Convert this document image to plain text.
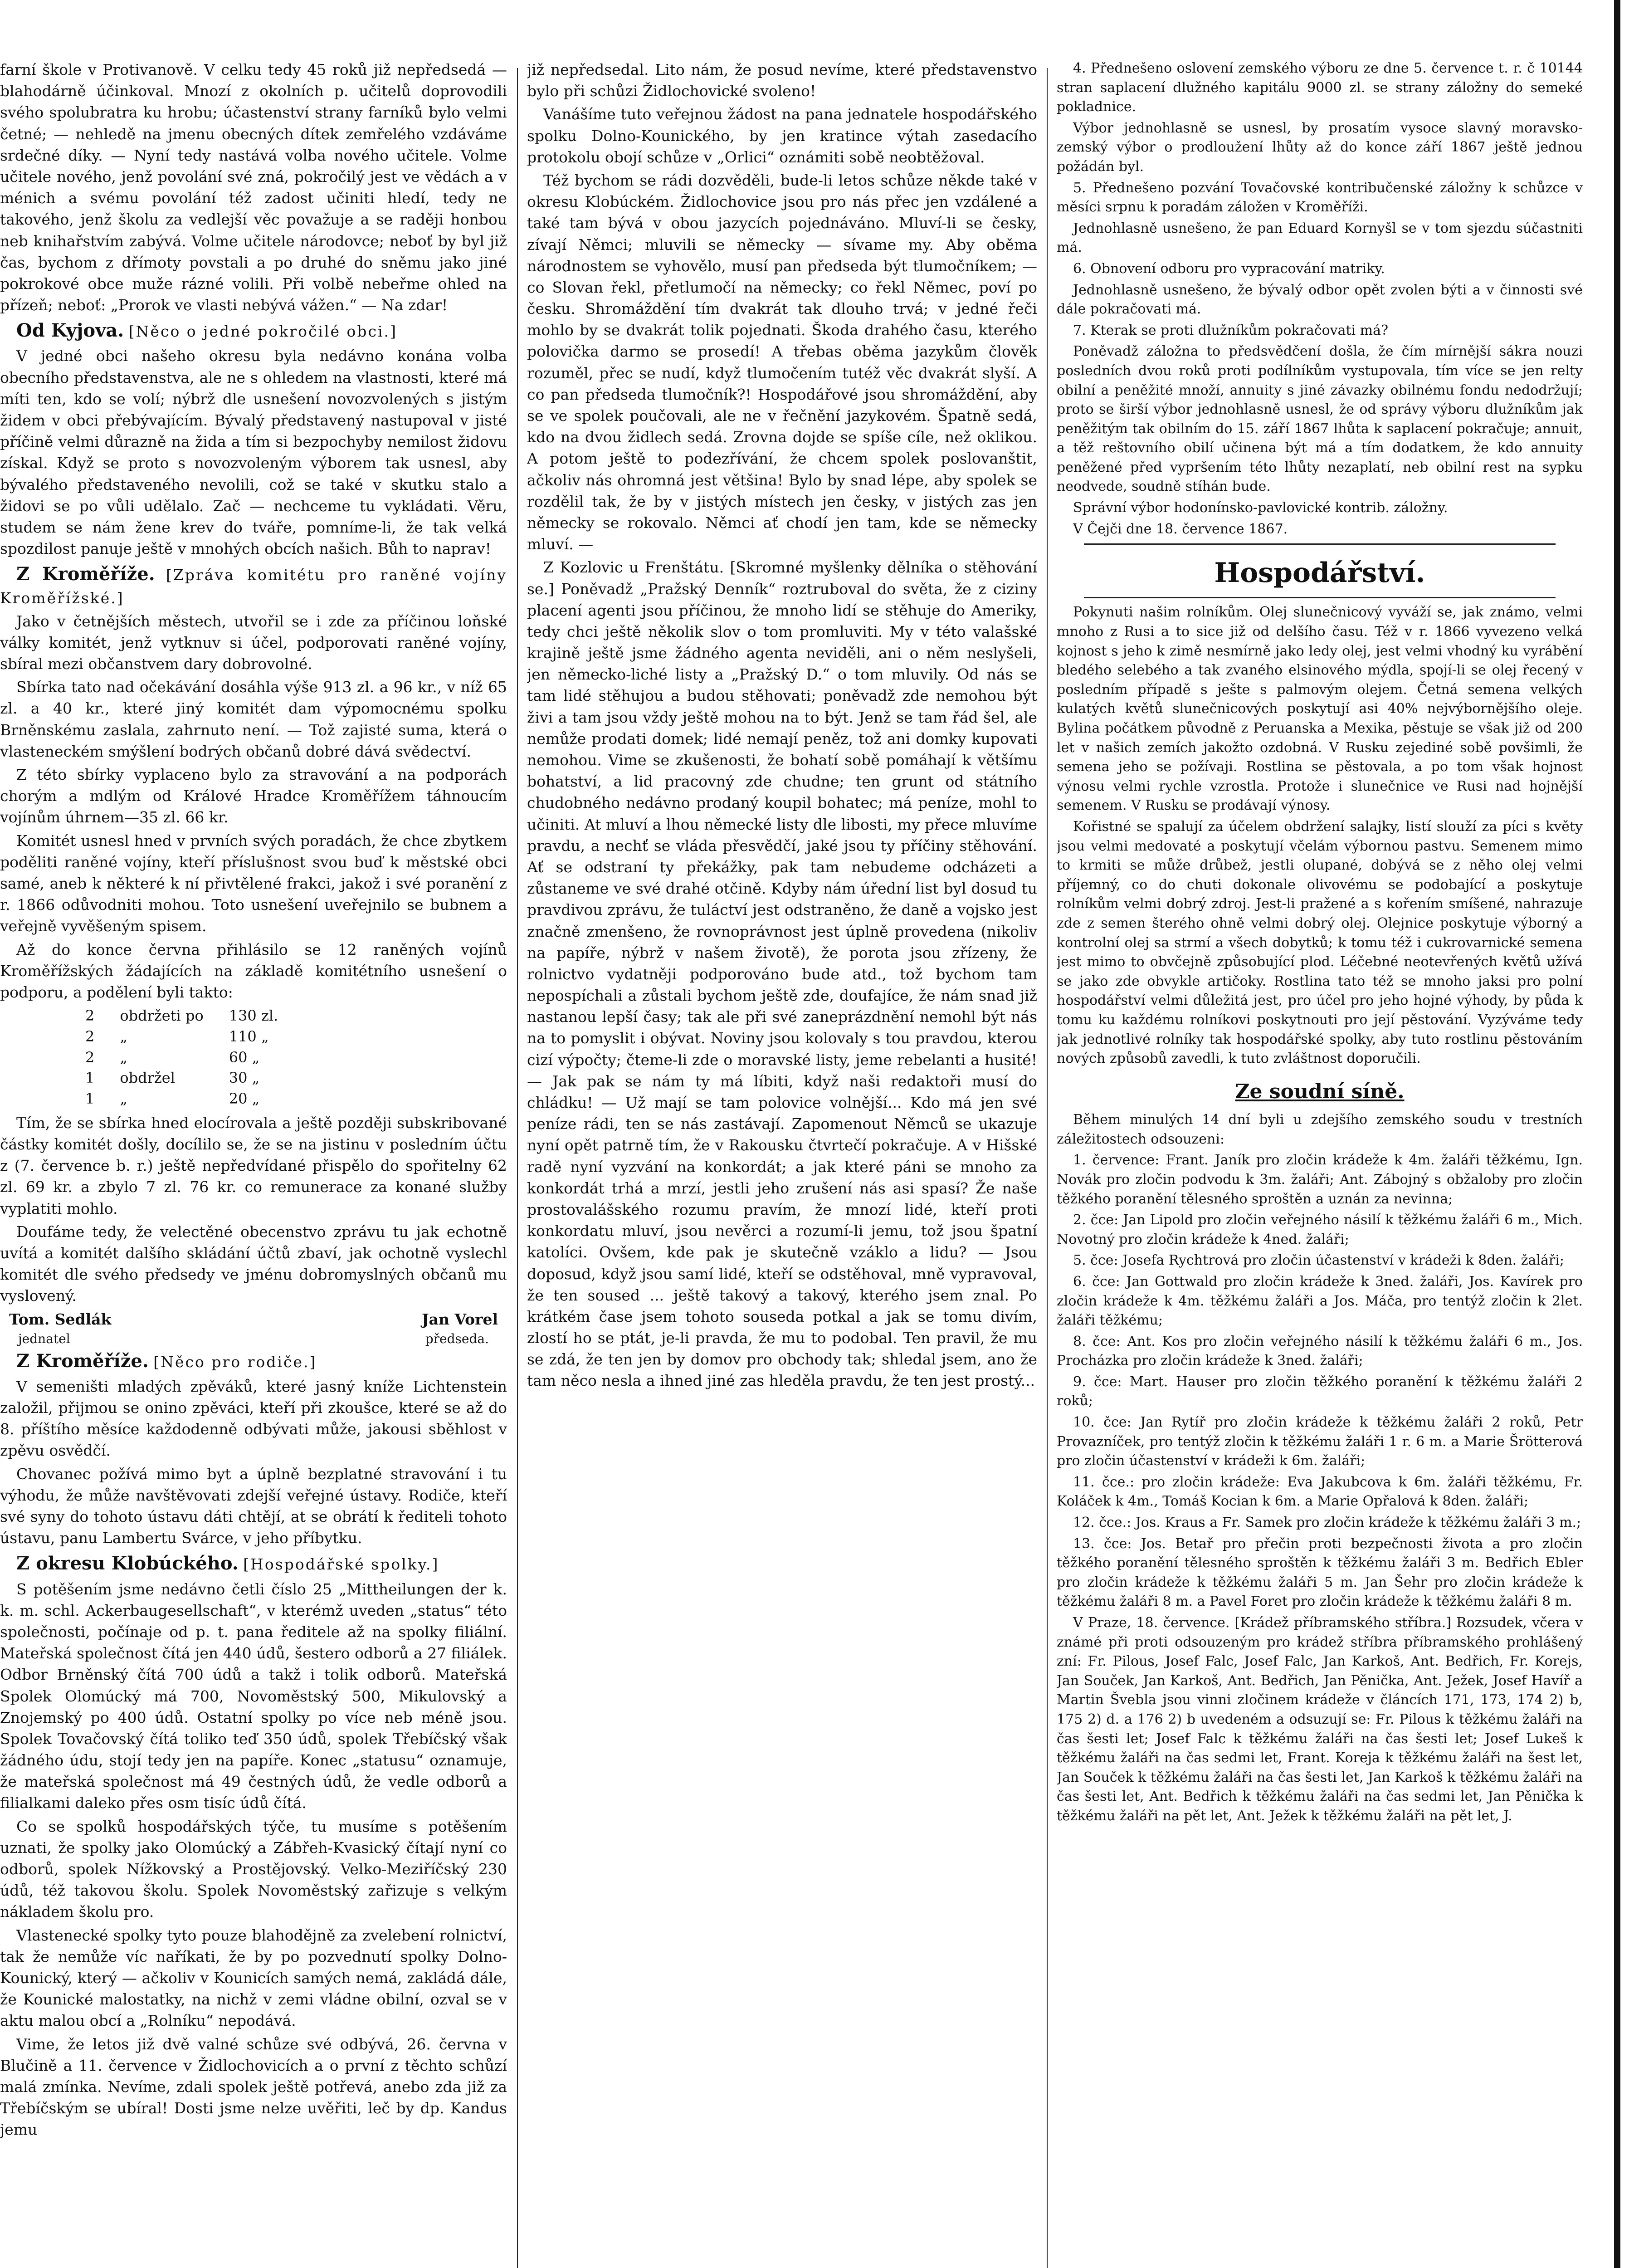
farní škole v Protivanově. V celku tedy 45 roků již nepředsedá — blahodárně účinkoval. Mnozí z okolních p. učitelů doprovodili svého spolubratra ku hrobu; účastenství strany farníků bylo velmi četné; — nehledě na jmenu obecných dítek zemřelého vzdáváme srdečné díky. — Nyní tedy nastává volba nového učitele. Volme učitele nového, jenž povolání své zná, pokročilý jest ve vědách a v ménich a svému povolání též zadost učiniti hledí, tedy ne takového, jenž školu za vedlejší věc považuje a se raději honbou neb knihařstvím zabývá. Volme učitele národovce; neboť by byl již čas, bychom z dřímoty povstali a po druhé do sněmu jako jiné pokrokové obce muže rázné volili. Při volbě nebeřme ohled na přízeň; neboť: „Prorok ve vlasti nebývá vážen.“ — Na zdar!

Od Kyjova. [Něco o jedné pokročilé obci.]

V jedné obci našeho okresu byla nedávno konána volba obecního představenstva, ale ne s ohledem na vlastnosti, které má míti ten, kdo se volí; nýbrž dle usnešení novozvolených s jistým židem v obci přebývajícím. Bývalý představený nastupoval v jisté příčině velmi důrazně na žida a tím si bezpochyby nemilost židovu získal. Když se proto s novozvoleným výborem tak usnesl, aby bývalého představeného nevolili, což se také v skutku stalo a židovi se po vůli udělalo. Zač — nechceme tu vykládati. Věru, studem se nám žene krev do tváře, pomníme-li, že tak velká spozdilost panuje ještě v mnohých obcích našich. Bůh to naprav!

Z Kroměříže. [Zpráva komitétu pro raněné vojíny Kroměřížské.]

Jako v četnějších městech, utvořil se i zde za příčinou loňské války komitét, jenž vytknuv si účel, podporovati raněné vojíny, sbíral mezi občanstvem dary dobrovolné.

Sbírka tato nad očekávání dosáhla výše 913 zl. a 96 kr., v níž 65 zl. a 40 kr., které jiný komitét dam výpomocnému spolku Brněnskému zaslala, zahrnuto není. — Tož zajisté suma, která o vlasteneckém smýšlení bodrých občanů dobré dává svědectví.

Z této sbírky vyplaceno bylo za stravování a na podporách chorým a mdlým od Králové Hradce Kroměřížem táhnoucím vojínům úhrnem—35 zl. 66 kr.

Komitét usnesl hned v prvních svých poradách, že chce zbytkem poděliti raněné vojíny, kteří příslušnost svou buď k městské obci samé, aneb k některé k ní přivtělené frakci, jakož i své poranění z r. 1866 odůvodniti mohou. Toto usnešení uveřejnilo se bubnem a veřejně vyvěšeným spisem.

Až do konce června přihlásilo se 12 raněných vojínů Kroměřížských žádajících na základě komitétního usnešení o podporu, a podělení byli takto:

2	obdržeti po	130 zl.
2	„	110 „
2	„	60 „
1	obdržel	30 „
1	„	20 „

Tím, že se sbírka hned elocírovala a ještě později subskribované částky komitét došly, docílilo se, že se na jistinu v posledním účtu z (7. července b. r.) ještě nepředvídané přispělo do spořitelny 62 zl. 69 kr. a zbylo 7 zl. 76 kr. co remunerace za konané služby vyplatiti mohlo.

Doufáme tedy, že velectěné obecenstvo zprávu tu jak echotně uvítá a komitét dalšího skládání účtů zbaví, jak ochotně vyslechl komitét dle svého předsedy ve jménu dobromyslných občanů mu vyslovený.

Tom. Sedlák	Jan Vorel
jednatel	předseda.

Z Kroměříže. [Něco pro rodiče.]

V semeništi mladých zpěváků, které jasný kníže Lichtenstein založil, přijmou se onino zpěváci, kteří při zkoušce, které se až do 8. příštího měsíce každodenně odbývati může, jakousi sběhlost v zpěvu osvědčí.

Chovanec požívá mimo byt a úplně bezplatné stravování i tu výhodu, že může navštěvovati zdejší veřejné ústavy. Rodiče, kteří své syny do tohoto ústavu dáti chtějí, at se obrátí k řediteli tohoto ústavu, panu Lambertu Svárce, v jeho příbytku.

Z okresu Klobúckého. [Hospodářské spolky.]

S potěšením jsme nedávno četli číslo 25 „Mittheilungen der k. k. m. schl. Ackerbaugesellschaft“, v kterémž uveden „status“ této společnosti, počínaje od p. t. pana ředitele až na spolky filiální. Mateřská společnost čítá jen 440 údů, šestero odborů a 27 filiálek. Odbor Brněnský čítá 700 údů a takž i tolik odborů. Mateřská Spolek Olomúcký má 700, Novoměstský 500, Mikulovský a Znojemský po 400 údů. Ostatní spolky po více neb méně jsou. Spolek Tovačovský čítá toliko teď 350 údů, spolek Třebíčský však žádného údu, stojí tedy jen na papíře. Konec „statusu“ oznamuje, že mateřská společnost má 49 čestných údů, že vedle odborů a filialkami daleko přes osm tisíc údů čítá.

Co se spolků hospodářských týče, tu musíme s potěšením uznati, že spolky jako Olomúcký a Zábřeh-Kvasický čítají nyní co odborů, spolek Nížkovský a Prostějovský. Velko-Meziříčský 230 údů, též takovou školu. Spolek Novoměstský zařizuje s velkým nákladem školu pro.

Vlastenecké spolky tyto pouze blahodějně za zvelebení rolnictví, tak že nemůže víc naříkati, že by po pozvednutí spolky Dolno-Kounický, který — ačkoliv v Kounicích samých nemá, zakládá dále, že Kounické malostatky, na nichž v zemi vládne obilní, ozval se v aktu malou obcí a „Rolníku“ nepodává.

Vime, že letos již dvě valné schůze své odbývá, 26. června v Blučině a 11. července v Židlochovicích a o první z těchto schůzí malá zmínka. Nevíme, zdali spolek ještě potřevá, anebo zda již za Třebíčským se ubíral! Dosti jsme nelze uvěřiti, leč by dp. Kandus jemu

již nepředsedal. Lito nám, že posud nevíme, které představenstvo bylo při schůzi Židlochovické svoleno!

Vanášíme tuto veřejnou žádost na pana jednatele hospodářského spolku Dolno-Kounického, by jen kratince výtah zasedacího protokolu obojí schůze v „Orlici“ oznámiti sobě neobtěžoval.

Též bychom se rádi dozvěděli, bude-li letos schůze někde také v okresu Klobúckém. Židlochovice jsou pro nás přec jen vzdálené a také tam bývá v obou jazycích pojednáváno. Mluví-li se česky, zívají Němci; mluvili se německy — sívame my. Aby oběma národnostem se vyhovělo, musí pan předseda být tlumočníkem; — co Slovan řekl, přetlumočí na německy; co řekl Němec, poví po česku. Shromáždění tím dvakrát tak dlouho trvá; v jedné řeči mohlo by se dvakrát tolik pojednati. Škoda drahého času, kterého polovička darmo se prosedí! A třebas oběma jazykům člověk rozuměl, přec se nudí, když tlumočením tutéž věc dvakrát slyší. A co pan předseda tlumočník?! Hospodářové jsou shromáždění, aby se ve spolek poučovali, ale ne v řečnění jazykovém. Špatně sedá, kdo na dvou židlech sedá. Zrovna dojde se spíše cíle, než oklikou. A potom ještě to podezřívání, že chcem spolek poslovanštit, ačkoliv nás ohromná jest většina! Bylo by snad lépe, aby spolek se rozdělil tak, že by v jistých místech jen česky, v jistých zas jen německy se rokovalo. Němci ať chodí jen tam, kde se německy mluví. —

Z Kozlovic u Frenštátu. [Skromné myšlenky dělníka o stěhování se.] Poněvadž „Pražský Denník“ roztruboval do světa, že z ciziny placení agenti jsou příčinou, že mnoho lidí se stěhuje do Ameriky, tedy chci ještě několik slov o tom promluviti. My v této valašské krajině ještě jsme žádného agenta neviděli, ani o něm neslyšeli, jen německo-liché listy a „Pražský D.“ o tom mluvily. Od nás se tam lidé stěhujou a budou stěhovati; poněvadž zde nemohou být živi a tam jsou vždy ještě mohou na to být. Jenž se tam řád šel, ale nemůže prodati domek; lidé nemají peněz, tož ani domky kupovati nemohou. Vime se zkušenosti, že bohatí sobě pomáhají k většímu bohatství, a lid pracovný zde chudne; ten grunt od státního chudobného nedávno prodaný koupil bohatec; má peníze, mohl to učiniti. At mluví a lhou německé listy dle libosti, my přece mluvíme pravdu, a nechť se vláda přesvědčí, jaké jsou ty příčiny stěhování. Ať se odstraní ty překážky, pak tam nebudeme odcházeti a zůstaneme ve své drahé otčině. Kdyby nám úřední list byl dosud tu pravdivou zprávu, že tuláctví jest odstraněno, že daně a vojsko jest značně zmenšeno, že rovnoprávnost jest úplně provedena (nikoliv na papíře, nýbrž v našem životě), že porota jsou zřízeny, že rolnictvo vydatněji podporováno bude atd., tož bychom tam nepospíchali a zůstali bychom ještě zde, doufajíce, že nám snad již nastanou lepší časy; tak ale při své zaneprázdnění nemohl být nás na to pomyslit i obývat. Noviny jsou kolovaly s tou pravdou, kterou cizí výpočty; čteme-li zde o moravské listy, jeme rebelanti a husité! — Jak pak se nám ty má líbiti, když naši redaktoři musí do chládku! — Už mají se tam polovice volnější... Kdo má jen své peníze rádi, ten se nás zastávají. Zapomenout Němců se ukazuje nyní opět patrně tím, že v Rakousku čtvrtečí pokračuje. A v Hišské radě nyní vyzvání na konkordát; a jak které páni se mnoho za konkordát trhá a mrzí, jestli jeho zrušení nás asi spasí? Že naše prostovalášského rozumu pravím, že mnozí lidé, kteří proti konkordatu mluví, jsou nevěrci a rozumí-li jemu, tož jsou špatní katolíci. Ovšem, kde pak je skutečně vzáklo a lidu? — Jsou doposud, když jsou samí lidé, kteří se odstěhoval, mně vypravoval, že ten soused ... ještě takový a takový, kterého jsem znal. Po krátkém čase jsem tohoto souseda potkal a jak se tomu divím, zlostí ho se ptát, je-li pravda, že mu to podobal. Ten pravil, že mu se zdá, že ten jen by domov pro obchody tak; shledal jsem, ano že tam něco nesla a ihned jiné zas hleděla pravdu, že ten jest prostý...

4. Přednešeno oslovení zemského výboru ze dne 5. července t. r. č 10144 stran saplacení dlužného kapitálu 9000 zl. se strany záložny do semeké pokladnice.

Výbor jednohlasně se usnesl, by prosatím vysoce slavný moravsko-zemský výbor o prodloužení lhůty až do konce září 1867 ještě jednou požádán byl.

5. Přednešeno pozvání Tovačovské kontribučenské záložny k schůzce v měsíci srpnu k poradám záložen v Kroměříži.

Jednohlasně usnešeno, že pan Eduard Kornyšl se v tom sjezdu súčastniti má.

6. Obnovení odboru pro vypracování matriky.

Jednohlasně usnešeno, že bývalý odbor opět zvolen býti a v činnosti své dále pokračovati má.

7. Kterak se proti dlužníkům pokračovati má?

Poněvadž záložna to předsvědčení došla, že čím mírnější sákra nouzi posledních dvou roků proti podílníkům vystupovala, tím více se jen relty obilní a peněžité množí, annuity s jiné závazky obilnému fondu nedodržují; proto se širší výbor jednohlasně usnesl, že od správy výboru dlužníkům jak peněžitým tak obilním do 15. září 1867 lhůta k saplacení pokračuje; annuit, a těž reštovního obilí učinena být má a tím dodatkem, že kdo annuity peněžené před vypršením této lhůty nezaplatí, neb obilní rest na sypku neodvede, soudně stíhán bude.

Správní výbor hodonínsko-pavlovické kontrib. záložny.

V Čejči dne 18. července 1867.

Hospodářství.

Pokynuti našim rolníkům. Olej slunečnicový vyváží se, jak známo, velmi mnoho z Rusi a to sice již od delšího času. Též v r. 1866 vyvezeno velká kojnost s jeho k zimě nesmírně jako ledy olej, jest velmi vhodný ku vyrábění bledého selebého a tak zvaného elsinového mýdla, spojí-li se olej řecený v posledním případě s ješte s palmovým olejem. Četná semena velkých kulatých květů slunečnicových poskytují asi 40% nejvýbornějšího oleje. Bylina počátkem původně z Peruanska a Mexika, pěstuje se však již od 200 let v našich zemích jakožto ozdobná. V Rusku zejediné sobě povšimli, že semena jeho se požívaji. Rostlina se pěstovala, a po tom však hojnost výnosu velmi rychle vzrostla. Protože i slunečnice ve Rusi nad hojnější semenem. V Rusku se prodávají výnosy.

Kořistné se spalují za účelem obdržení salajky, listí slouží za píci s květy jsou velmi medovaté a poskytují včelám výbornou pastvu. Semenem mimo to krmiti se může drůbež, jestli olupané, dobývá se z něho olej velmi příjemný, co do chuti dokonale olivovému se podobající a poskytuje rolníkům velmi dobrý zdroj. Jest-li pražené a s kořením smíšené, nahrazuje zde z semen šterého ohně velmi dobrý olej. Olejnice poskytuje výborný a kontrolní olej sa strmí a všech dobytků; k tomu též i cukrovarnické semena jest mimo to obvčejně způsobující plod. Léčebné neotevřených květů užívá se jako zde obvykle artičoky. Rostlina tato též se mnoho jaksi pro polní hospodářství velmi důležitá jest, pro účel pro jeho hojné výhody, by půda k tomu ku každému rolníkovi poskytnouti pro její pěstování. Vyzýváme tedy jak jednotlivé rolníky tak hospodářské spolky, aby tuto rostlinu pěstováním nových způsobů zavedli, k tuto zvláštnost doporučili.

Ze soudní síně.

Během minulých 14 dní byli u zdejšího zemského soudu v trestních záležitostech odsouzeni:

1. července: Frant. Janík pro zločin krádeže k 4m. žaláři těžkému, Ign. Novák pro zločin podvodu k 3m. žaláři; Ant. Zábojný s obžaloby pro zločin těžkého poranění tělesného sproštěn a uznán za nevinna;

2. čce: Jan Lipold pro zločin veřejného násilí k těžkému žaláři 6 m., Mich. Novotný pro zločin krádeže k 4ned. žaláři;

5. čce: Josefa Rychtrová pro zločin účastenství v krádeži k 8den. žaláři;

6. čce: Jan Gottwald pro zločin krádeže k 3ned. žaláři, Jos. Kavírek pro zločin krádeže k 4m. těžkému žaláři a Jos. Máča, pro tentýž zločin k 2let. žaláři těžkému;

8. čce: Ant. Kos pro zločin veřejného násilí k těžkému žaláři 6 m., Jos. Procházka pro zločin krádeže k 3ned. žaláři;

9. čce: Mart. Hauser pro zločin těžkého poranění k těžkému žaláři 2 roků;

10. čce: Jan Rytíř pro zločin krádeže k těžkému žaláři 2 roků, Petr Provazníček, pro tentýž zločin k těžkému žaláři 1 r. 6 m. a Marie Šrötterová pro zločin účastenství v krádeži k 6m. žaláři;

11. čce.: pro zločin krádeže: Eva Jakubcova k 6m. žaláři těžkému, Fr. Koláček k 4m., Tomáš Kocian k 6m. a Marie Opřalová k 8den. žaláři;

12. čce.: Jos. Kraus a Fr. Samek pro zločin krádeže k těžkému žaláři 3 m.;

13. čce: Jos. Betař pro přečin proti bezpečnosti života a pro zločin těžkého poranění tělesného sproštěn k těžkému žaláři 3 m. Bedřich Ebler pro zločin krádeže k těžkému žaláři 5 m. Jan Šehr pro zločin krádeže k těžkému žaláři 8 m. a Pavel Foret pro zločin krádeže k těžkému žaláři 8 m.

V Praze, 18. července. [Krádež příbramského stříbra.] Rozsudek, včera v známé při proti odsouzeným pro krádež stříbra příbramského prohlášený zní: Fr. Pilous, Josef Falc, Josef Falc, Jan Karkoš, Ant. Bedřich, Fr. Korejs, Jan Souček, Jan Karkoš, Ant. Bedřich, Jan Pěnička, Ant. Ježek, Josef Havíř a Martin Švebla jsou vinni zločinem krádeže v článcích 171, 173, 174 2) b, 175 2) d. a 176 2) b uvedeném a odsuzují se: Fr. Pilous k těžkému žaláři na čas šesti let; Josef Falc k těžkému žaláři na čas šesti let; Josef Lukeš k těžkému žaláři na čas sedmi let, Frant. Koreja k těžkému žaláři na šest let, Jan Souček k těžkému žaláři na čas šesti let, Jan Karkoš k těžkému žaláři na čas šesti let, Ant. Bedřich k těžkému žaláři na čas sedmi let, Jan Pěnička k těžkému žaláři na pět let, Ant. Ježek k těžkému žaláři na pět let, J.
